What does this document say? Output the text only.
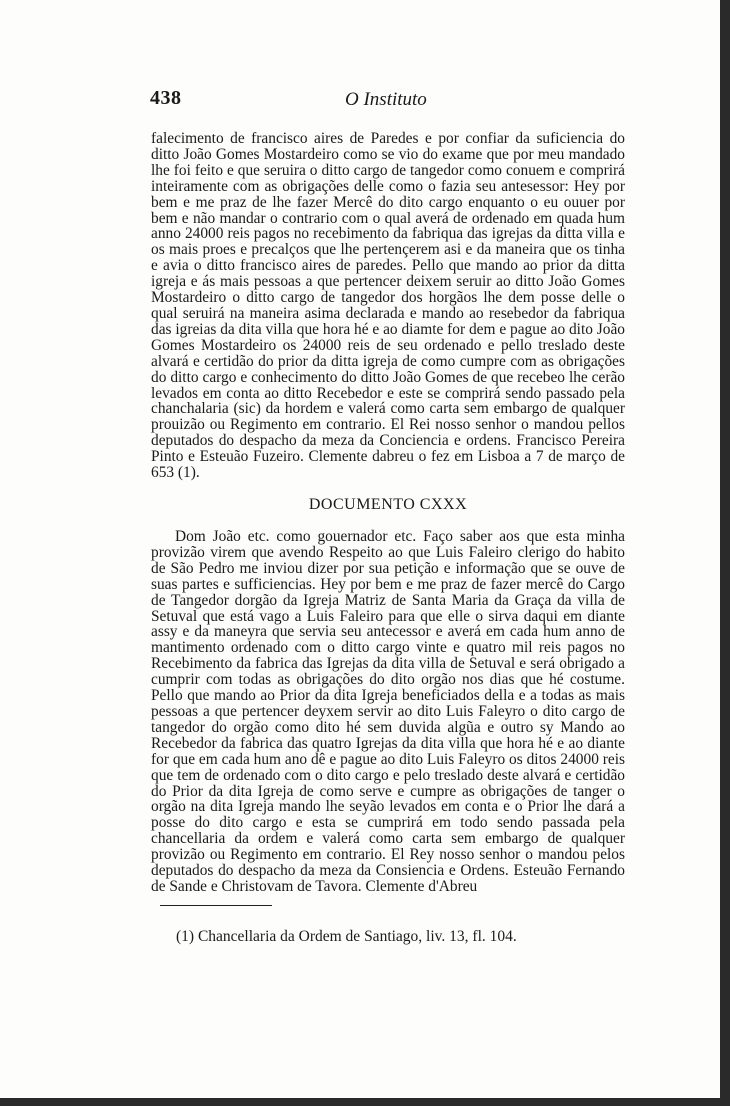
438	O Instituto

falecimento de francisco aires de Paredes e por confiar da suficiencia do ditto João Gomes Mostardeiro como se vio do exame que por meu mandado lhe foi feito e que seruira o ditto cargo de tangedor como conuem e comprirá inteiramente com as obrigações delle como o fazia seu antesessor: Hey por bem e me praz de lhe fazer Mercê do dito cargo enquanto o eu ouuer por bem e não mandar o contrario com o qual averá de ordenado em quada hum anno 24000 reis pagos no recebimento da fabriqua das igrejas da ditta villa e os mais proes e precalços que lhe pertençerem asi e da maneira que os tinha e avia o ditto francisco aires de paredes. Pello que mando ao prior da ditta igreja e ás mais pessoas a que pertencer deixem seruir ao ditto João Gomes Mostardeiro o ditto cargo de tangedor dos horgãos lhe dem posse delle o qual seruirá na maneira asima declarada e mando ao resebedor da fabriqua das igreias da dita villa que hora hé e ao diamte for dem e pague ao dito João Gomes Mostardeiro os 24000 reis de seu ordenado e pello treslado deste alvará e certidão do prior da ditta igreja de como cumpre com as obrigações do ditto cargo e conhecimento do ditto João Gomes de que recebeo lhe cerão levados em conta ao ditto Recebedor e este se comprirá sendo passado pela chanchalaria (sic) da hordem e valerá como carta sem embargo de qualquer prouizão ou Regimento em contrario. El Rei nosso senhor o mandou pellos deputados do despacho da meza da Conciencia e ordens. Francisco Pereira Pinto e Esteuão Fuzeiro. Clemente dabreu o fez em Lisboa a 7 de março de 653 (1).

DOCUMENTO CXXX

Dom João etc. como gouernador etc. Faço saber aos que esta minha provizão virem que avendo Respeito ao que Luis Faleiro clerigo do habito de São Pedro me inviou dizer por sua petição e informação que se ouve de suas partes e sufficiencias. Hey por bem e me praz de fazer mercê do Cargo de Tangedor dorgão da Igreja Matriz de Santa Maria da Graça da villa de Setuval que está vago a Luis Faleiro para que elle o sirva daqui em diante assy e da maneyra que servia seu antecessor e averá em cada hum anno de mantimento ordenado com o ditto cargo vinte e quatro mil reis pagos no Recebimento da fabrica das Igrejas da dita villa de Setuval e será obrigado a cumprir com todas as obrigações do dito orgão nos dias que hé costume. Pello que mando ao Prior da dita Igreja beneficiados della e a todas as mais pessoas a que pertencer deyxem servir ao dito Luis Faleyro o dito cargo de tangedor do orgão como dito hé sem duvida algũa e outro sy Mando ao Recebedor da fabrica das quatro Igrejas da dita villa que hora hé e ao diante for que em cada hum ano dê e pague ao dito Luis Faleyro os ditos 24000 reis que tem de ordenado com o dito cargo e pelo treslado deste alvará e certidão do Prior da dita Igreja de como serve e cumpre as obrigações de tanger o orgão na dita Igreja mando lhe seyão levados em conta e o Prior lhe dará a posse do dito cargo e esta se cumprirá em todo sendo passada pela chancellaria da ordem e valerá como carta sem embargo de qualquer provizão ou Regimento em contrario. El Rey nosso senhor o mandou pelos deputados do despacho da meza da Consiencia e Ordens. Esteuão Fernando de Sande e Christovam de Tavora. Clemente d'Abreu

(1) Chancellaria da Ordem de Santiago, liv. 13, fl. 104.
